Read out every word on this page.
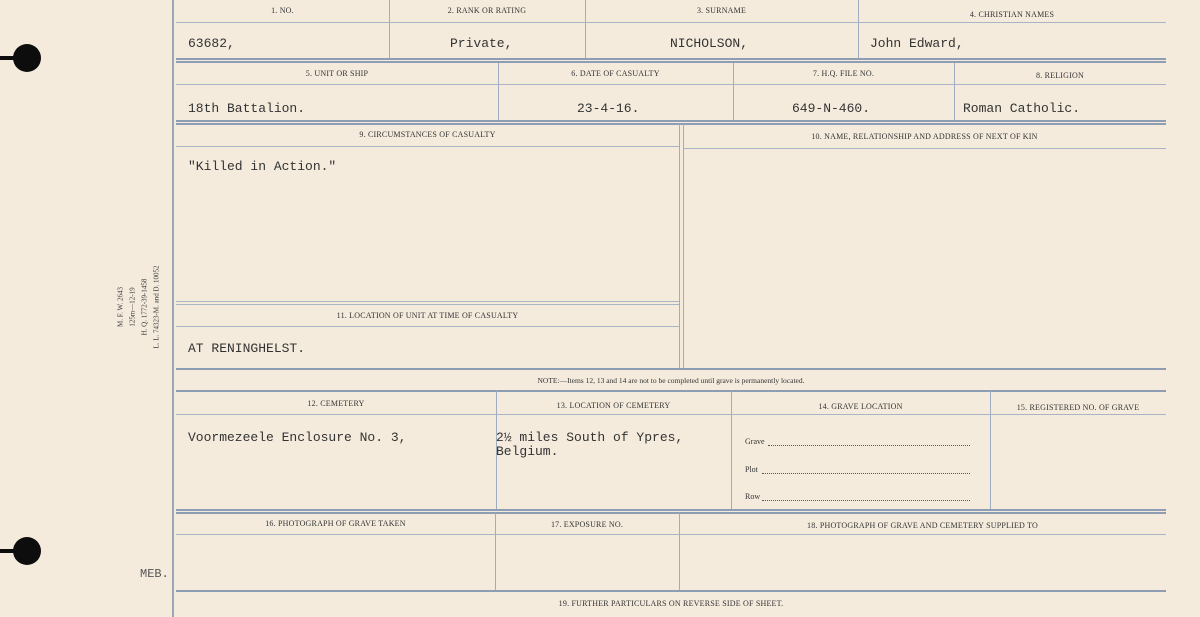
M. F. W. 2643 125m—12-19 H. Q. 1772-39-1458 L. L. 74323-M. and D. 10052
MEB.
1. NO.	2. RANK OR RATING	3. SURNAME	4. CHRISTIAN NAMES
63682,	Private,	NICHOLSON,	John Edward,
5. UNIT OR SHIP	6. DATE OF CASUALTY	7. H.Q. FILE NO.	8. RELIGION
18th Battalion.	23-4-16.	649-N-460.	Roman Catholic.
9. CIRCUMSTANCES OF CASUALTY	10. NAME, RELATIONSHIP AND ADDRESS OF NEXT OF KIN
"Killed in Action."
11. LOCATION OF UNIT AT TIME OF CASUALTY
AT RENINGHELST.
NOTE:—Items 12, 13 and 14 are not to be completed until grave is permanently located.
12. CEMETERY	13. LOCATION OF CEMETERY	14. GRAVE LOCATION	15. REGISTERED NO. OF GRAVE
Voormezeele Enclosure No. 3,	2½ miles South of Ypres,
Belgium.
Grave
Plot
Row
16. PHOTOGRAPH OF GRAVE TAKEN	17. EXPOSURE NO.	18. PHOTOGRAPH OF GRAVE AND CEMETERY SUPPLIED TO
19. FURTHER PARTICULARS ON REVERSE SIDE OF SHEET.
